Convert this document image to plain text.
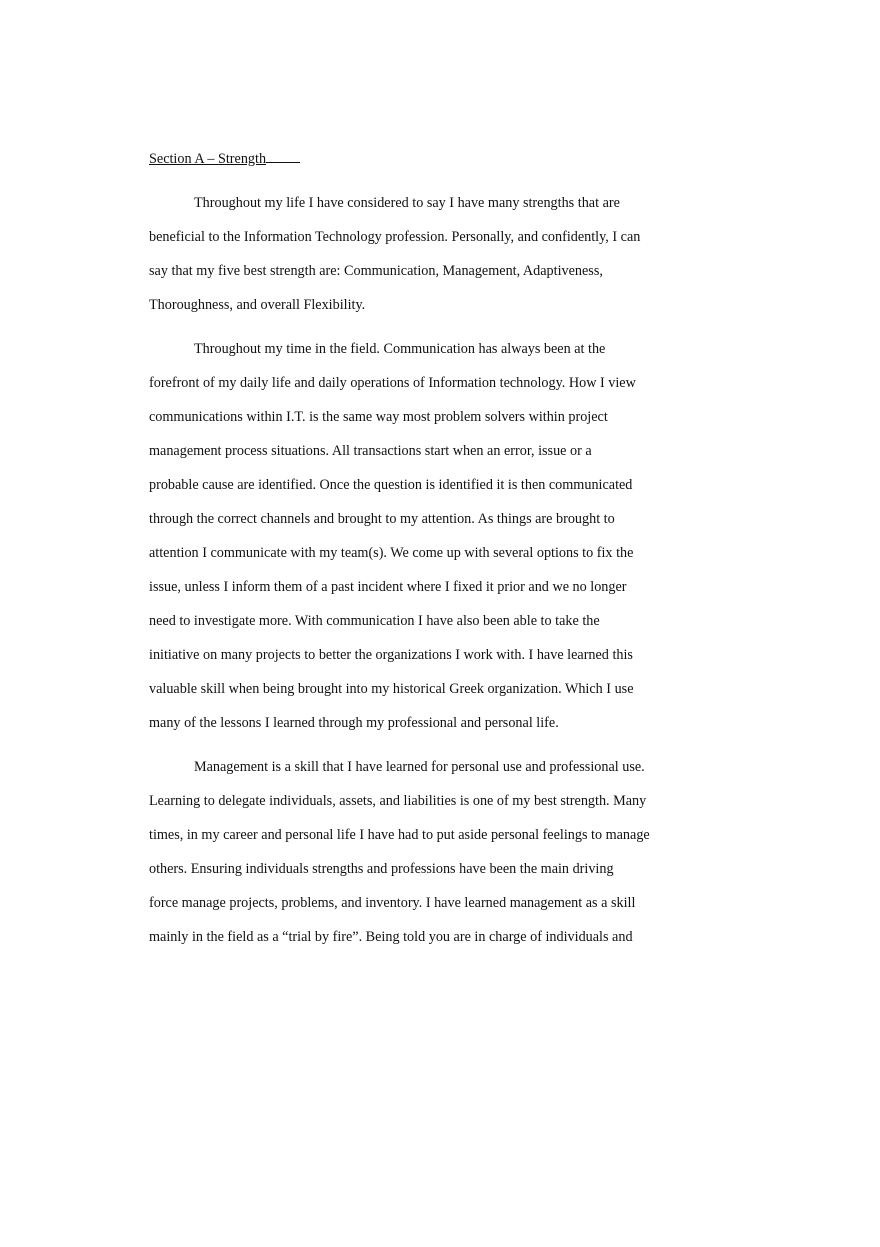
Section A – Strength
Throughout my life I have considered to say I have many strengths that are
beneficial to the Information Technology profession. Personally, and confidently, I can
say that my five best strength are: Communication, Management, Adaptiveness,
Thoroughness, and overall Flexibility.
Throughout my time in the field. Communication has always been at the
forefront of my daily life and daily operations of Information technology. How I view
communications within I.T. is the same way most problem solvers within project
management process situations. All transactions start when an error, issue or a
probable cause are identified. Once the question is identified it is then communicated
through the correct channels and brought to my attention. As things are brought to
attention I communicate with my team(s). We come up with several options to fix the
issue, unless I inform them of a past incident where I fixed it prior and we no longer
need to investigate more. With communication I have also been able to take the
initiative on many projects to better the organizations I work with. I have learned this
valuable skill when being brought into my historical Greek organization. Which I use
many of the lessons I learned through my professional and personal life.
Management is a skill that I have learned for personal use and professional use.
Learning to delegate individuals, assets, and liabilities is one of my best strength. Many
times, in my career and personal life I have had to put aside personal feelings to manage
others. Ensuring individuals strengths and professions have been the main driving
force manage projects, problems, and inventory. I have learned management as a skill
mainly in the field as a “trial by fire”. Being told you are in charge of individuals and
